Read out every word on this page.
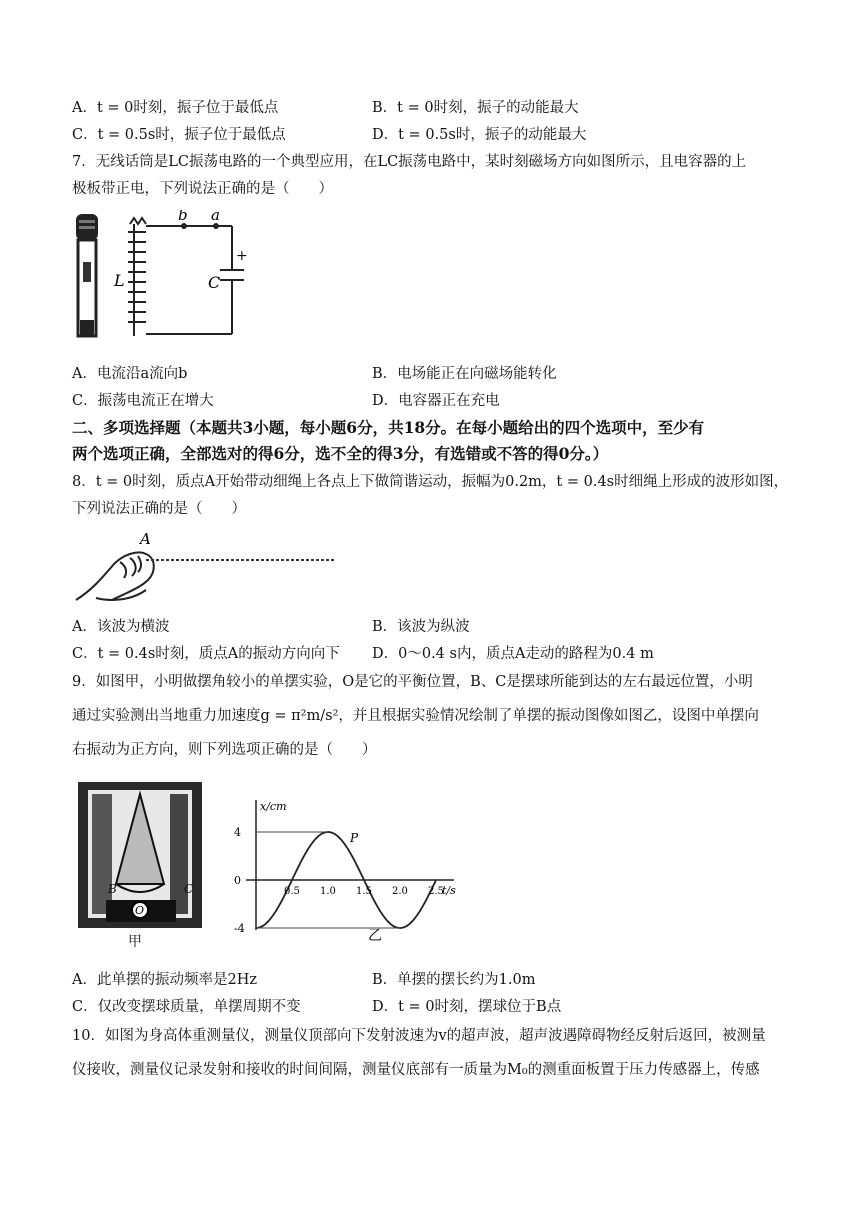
A．t = 0时刻，振子位于最低点	B．t = 0时刻，振子的动能最大
C．t = 0.5s时，振子位于最低点	D．t = 0.5s时，振子的动能最大
7．无线话筒是LC振荡电路的一个典型应用，在LC振荡电路中，某时刻磁场方向如图所示，且电容器的上
极板带正电，下列说法正确的是（　　）
b a
L	C
+
A．电流沿a流向b	B．电场能正在向磁场能转化
C．振荡电流正在增大	D．电容器正在充电
二、多项选择题（本题共3小题，每小题6分，共18分。在每小题给出的四个选项中，至少有
两个选项正确，全部选对的得6分，选不全的得3分，有选错或不答的得0分。）
8．t = 0时刻，质点A开始带动细绳上各点上下做简谐运动，振幅为0.2m，t = 0.4s时细绳上形成的波形如图，
下列说法正确的是（　　）
A
A．该波为横波	B．该波为纵波
C．t = 0.4s时刻，质点A的振动方向向下 D．0～0.4 s内，质点A走动的路程为0.4 m
9．如图甲，小明做摆角较小的单摆实验，O是它的平衡位置，B、C是摆球所能到达的左右最远位置，小明
通过实验测出当地重力加速度g = π²m/s²，并且根据实验情况绘制了单摆的振动图像如图乙，设图中单摆向
右振动为正方向，则下列选项正确的是（　　）
B	C
O
甲
4
0
-4
0.5 1.0 1.5 2.0 2.5
P
x/cm
t/s
乙
A．此单摆的振动频率是2Hz	B．单摆的摆长约为1.0m
C．仅改变摆球质量，单摆周期不变	D．t = 0时刻，摆球位于B点
10．如图为身高体重测量仪，测量仪顶部向下发射波速为v的超声波，超声波遇障碍物经反射后返回，被测量
仪接收，测量仪记录发射和接收的时间间隔，测量仪底部有一质量为M₀的测重面板置于压力传感器上，传感
